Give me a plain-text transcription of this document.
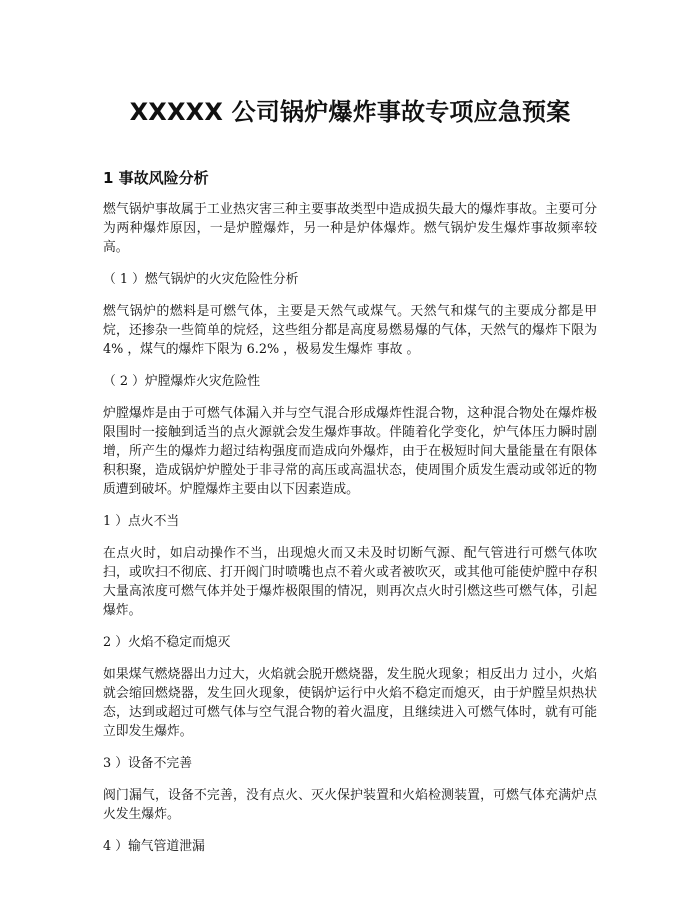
XXXXX 公司锅炉爆炸事故专项应急预案
1 事故风险分析

燃气锅炉事故属于工业热灾害三种主要事故类型中造成损失最大的爆炸事故。主要可分为两种爆炸原因，一是炉膛爆炸，另一种是炉体爆炸。燃气锅炉发生爆炸事故频率较高。

（ 1 ）燃气锅炉的火灾危险性分析

燃气锅炉的燃料是可燃气体，主要是天然气或煤气。天然气和煤气的主要成分都是甲烷，还掺杂一些简单的烷烃，这些组分都是高度易燃易爆的气体，天然气的爆炸下限为 4% ，煤气的爆炸下限为 6.2% ，极易发生爆炸 事故 。

（ 2 ）炉膛爆炸火灾危险性

炉膛爆炸是由于可燃气体漏入并与空气混合形成爆炸性混合物，这种混合物处在爆炸极限围时一接触到适当的点火源就会发生爆炸事故。伴随着化学变化，炉气体压力瞬时剧增，所产生的爆炸力超过结构强度而造成向外爆炸，由于在极短时间大量能量在有限体积积聚，造成锅炉炉膛处于非寻常的高压或高温状态，使周围介质发生震动或邻近的物质遭到破坏。炉膛爆炸主要由以下因素造成。

1 ）点火不当

在点火时，如启动操作不当，出现熄火而又未及时切断气源、配气管进行可燃气体吹扫，或吹扫不彻底、打开阀门时喷嘴也点不着火或者被吹灭，或其他可能使炉膛中存积大量高浓度可燃气体并处于爆炸极限围的情况，则再次点火时引燃这些可燃气体，引起爆炸。

2 ）火焰不稳定而熄灭

如果煤气燃烧器出力过大，火焰就会脱开燃烧器，发生脱火现象；相反出力 过小，火焰就会缩回燃烧器，发生回火现象，使锅炉运行中火焰不稳定而熄灭，由于炉膛呈炽热状态，达到或超过可燃气体与空气混合物的着火温度，且继续进入可燃气体时，就有可能立即发生爆炸。

3 ）设备不完善

阀门漏气，设备不完善，没有点火、灭火保护装置和火焰检测装置，可燃气体充满炉点火发生爆炸。

4 ）输气管道泄漏
